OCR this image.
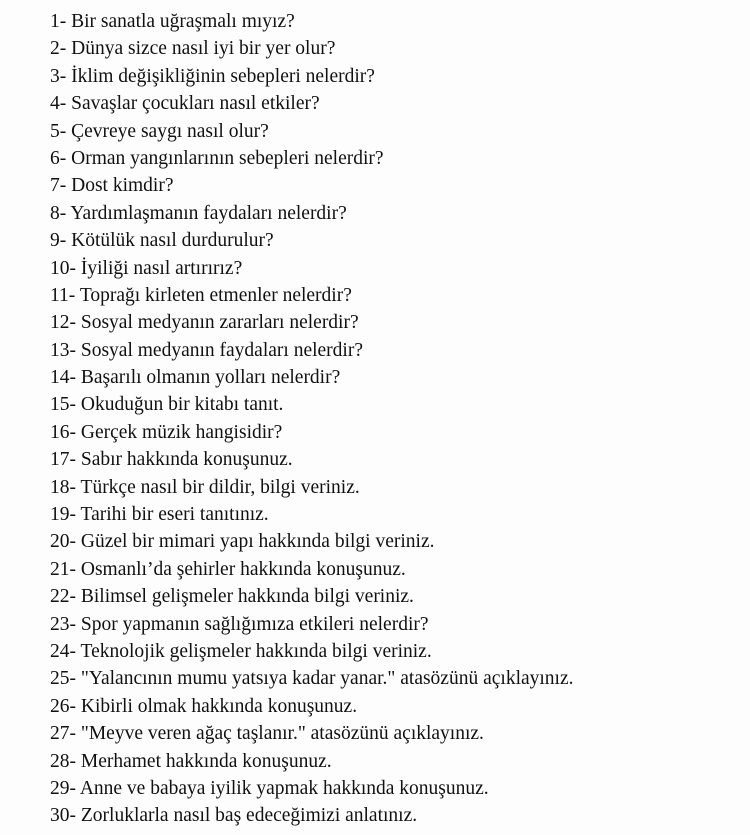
1- Bir sanatla uğraşmalı mıyız?
2- Dünya sizce nasıl iyi bir yer olur?
3- İklim değişikliğinin sebepleri nelerdir?
4- Savaşlar çocukları nasıl etkiler?
5- Çevreye saygı nasıl olur?
6- Orman yangınlarının sebepleri nelerdir?
7- Dost kimdir?
8- Yardımlaşmanın faydaları nelerdir?
9- Kötülük nasıl durdurulur?
10- İyiliği nasıl artırırız?
11- Toprağı kirleten etmenler nelerdir?
12- Sosyal medyanın zararları nelerdir?
13- Sosyal medyanın faydaları nelerdir?
14- Başarılı olmanın yolları nelerdir?
15- Okuduğun bir kitabı tanıt.
16- Gerçek müzik hangisidir?
17- Sabır hakkında konuşunuz.
18- Türkçe nasıl bir dildir, bilgi veriniz.
19- Tarihi bir eseri tanıtınız.
20- Güzel bir mimari yapı hakkında bilgi veriniz.
21- Osmanlı’da şehirler hakkında konuşunuz.
22- Bilimsel gelişmeler hakkında bilgi veriniz.
23- Spor yapmanın sağlığımıza etkileri nelerdir?
24- Teknolojik gelişmeler hakkında bilgi veriniz.
25- "Yalancının mumu yatsıya kadar yanar." atasözünü açıklayınız.
26- Kibirli olmak hakkında konuşunuz.
27- "Meyve veren ağaç taşlanır." atasözünü açıklayınız.
28- Merhamet hakkında konuşunuz.
29- Anne ve babaya iyilik yapmak hakkında konuşunuz.
30- Zorluklarla nasıl baş edeceğimizi anlatınız.
